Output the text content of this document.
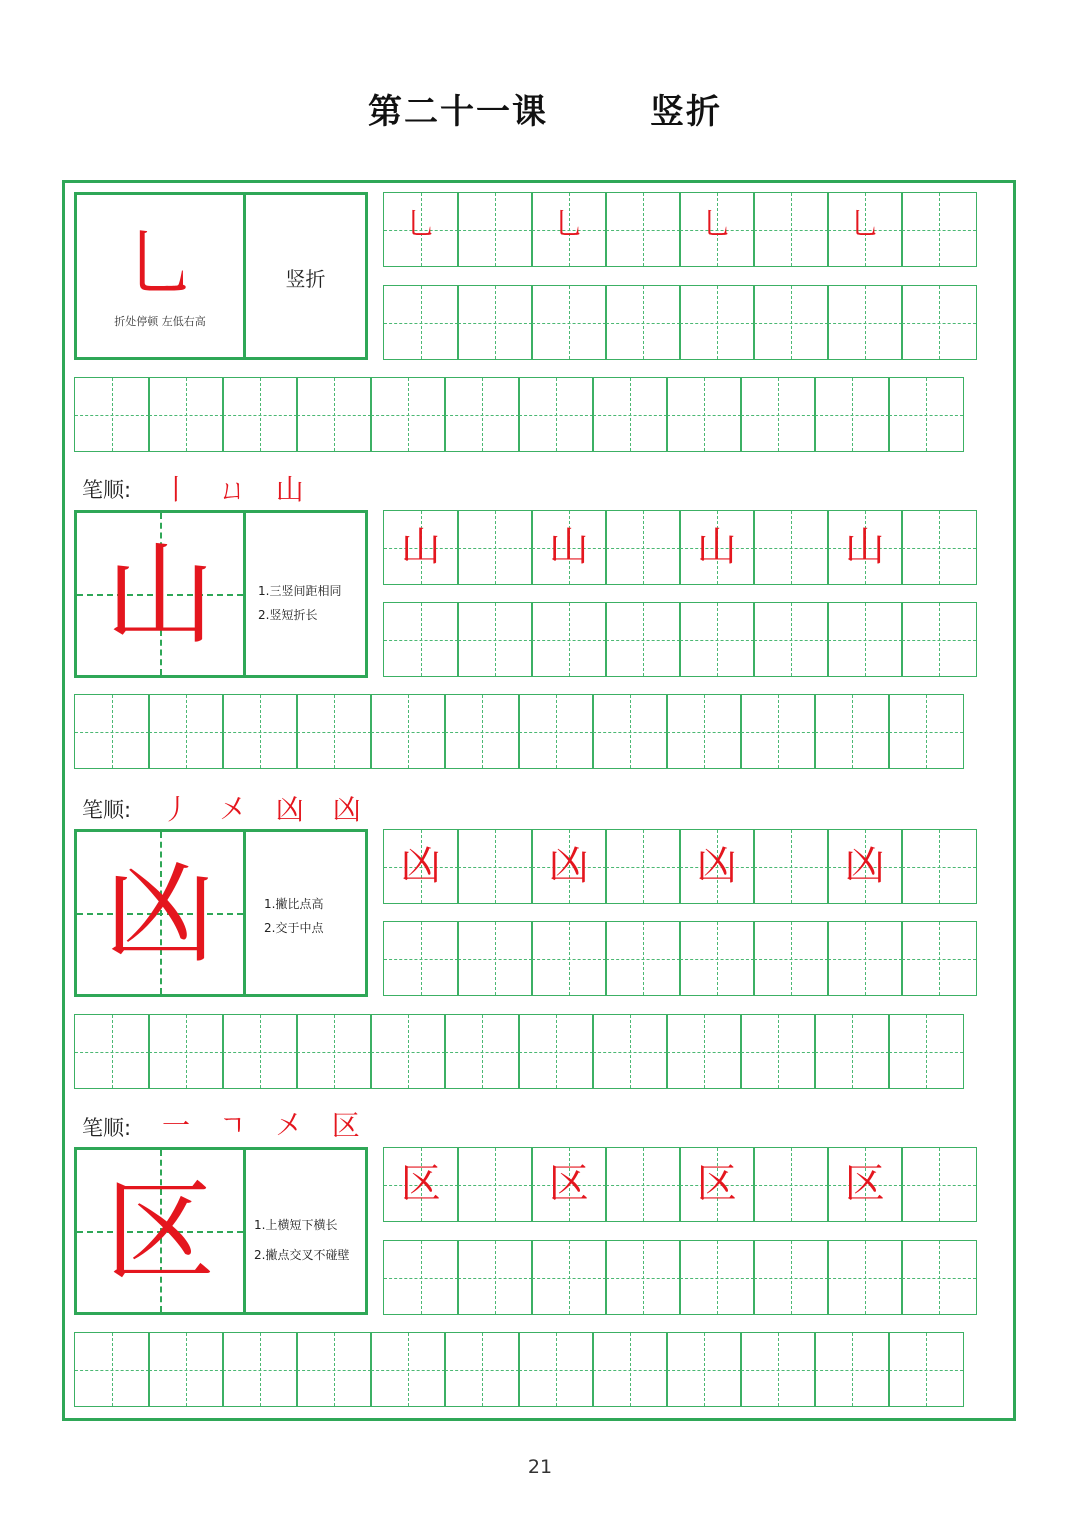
第二十一课	竖折
乚
折处停顿 左低右高
竖折
乚	乚	乚	乚
笔顺: 丨 ㄩ 山
山	1.三竖间距相同
2.竖短折长
山	山	山	山
笔顺: 丿 㐅 凶 凶
凶	1.撇比点高
2.交于中点
凶	凶	凶	凶
笔顺: 一 ㄱ 㐅 区
区	1.上横短下横长
2.撇点交叉不碰壁
区	区	区	区
21
